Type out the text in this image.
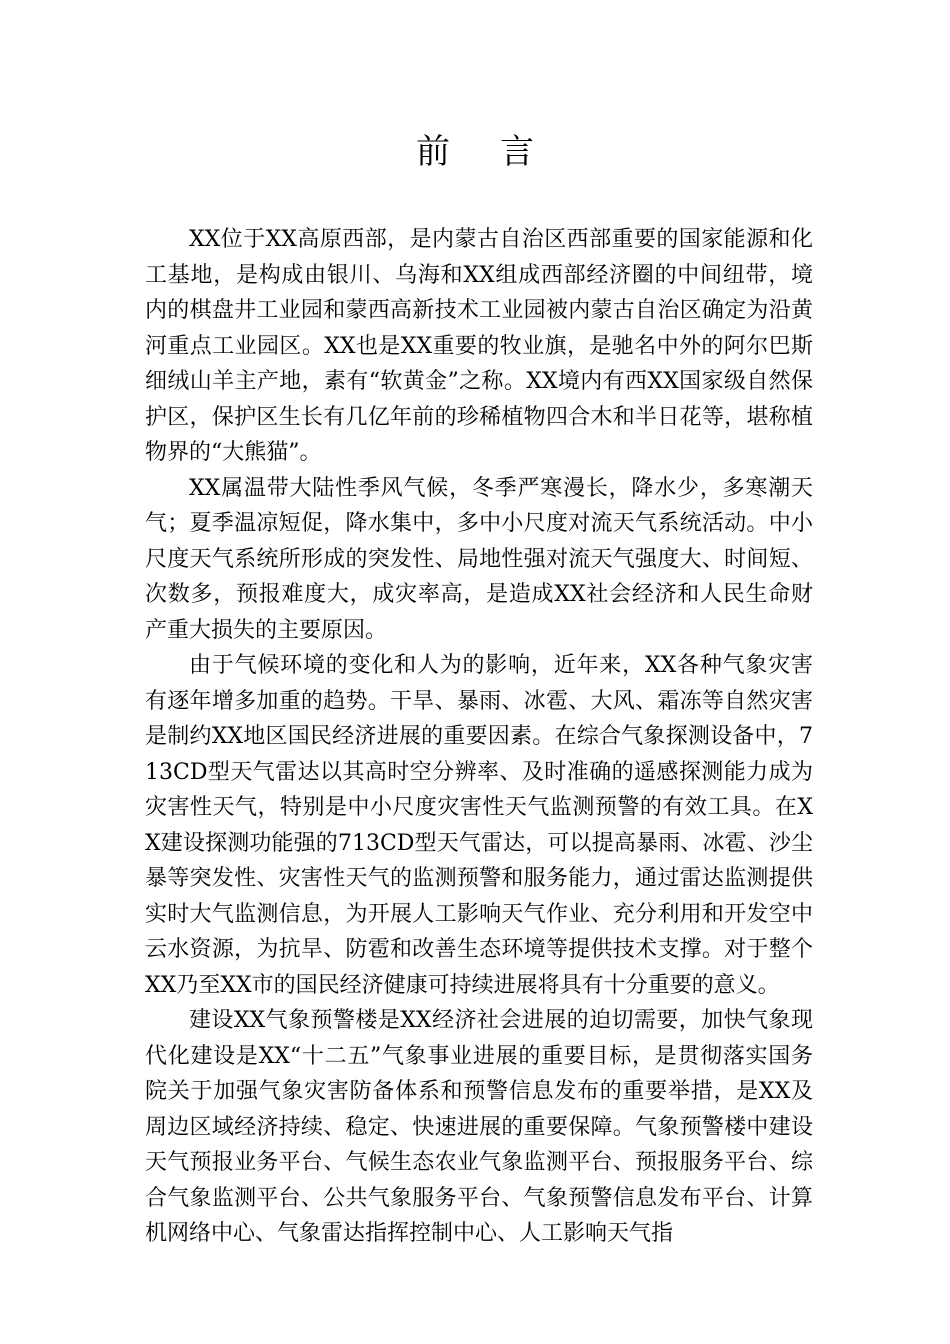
前 言

XX位于XX高原西部，是内蒙古自治区西部重要的国家能源和化工基地，是构成由银川、乌海和XX组成西部经济圈的中间纽带，境内的棋盘井工业园和蒙西高新技术工业园被内蒙古自治区确定为沿黄河重点工业园区。XX也是XX重要的牧业旗，是驰名中外的阿尔巴斯细绒山羊主产地，素有“软黄金”之称。XX境内有西XX国家级自然保护区，保护区生长有几亿年前的珍稀植物四合木和半日花等，堪称植物界的“大熊猫”。

XX属温带大陆性季风气候，冬季严寒漫长，降水少，多寒潮天气；夏季温凉短促，降水集中，多中小尺度对流天气系统活动。中小尺度天气系统所形成的突发性、局地性强对流天气强度大、时间短、次数多，预报难度大，成灾率高，是造成XX社会经济和人民生命财产重大损失的主要原因。

由于气候环境的变化和人为的影响，近年来，XX各种气象灾害有逐年增多加重的趋势。干旱、暴雨、冰雹、大风、霜冻等自然灾害是制约XX地区国民经济进展的重要因素。在综合气象探测设备中，713CD型天气雷达以其高时空分辨率、及时准确的遥感探测能力成为灾害性天气，特别是中小尺度灾害性天气监测预警的有效工具。在XX建设探测功能强的713CD型天气雷达，可以提高暴雨、冰雹、沙尘暴等突发性、灾害性天气的监测预警和服务能力，通过雷达监测提供实时大气监测信息，为开展人工影响天气作业、充分利用和开发空中云水资源，为抗旱、防雹和改善生态环境等提供技术支撑。对于整个XX乃至XX市的国民经济健康可持续进展将具有十分重要的意义。

建设XX气象预警楼是XX经济社会进展的迫切需要，加快气象现代化建设是XX“十二五”气象事业进展的重要目标，是贯彻落实国务院关于加强气象灾害防备体系和预警信息发布的重要举措，是XX及周边区域经济持续、稳定、快速进展的重要保障。气象预警楼中建设天气预报业务平台、气候生态农业气象监测平台、预报服务平台、综合气象监测平台、公共气象服务平台、气象预警信息发布平台、计算机网络中心、气象雷达指挥控制中心、人工影响天气指
